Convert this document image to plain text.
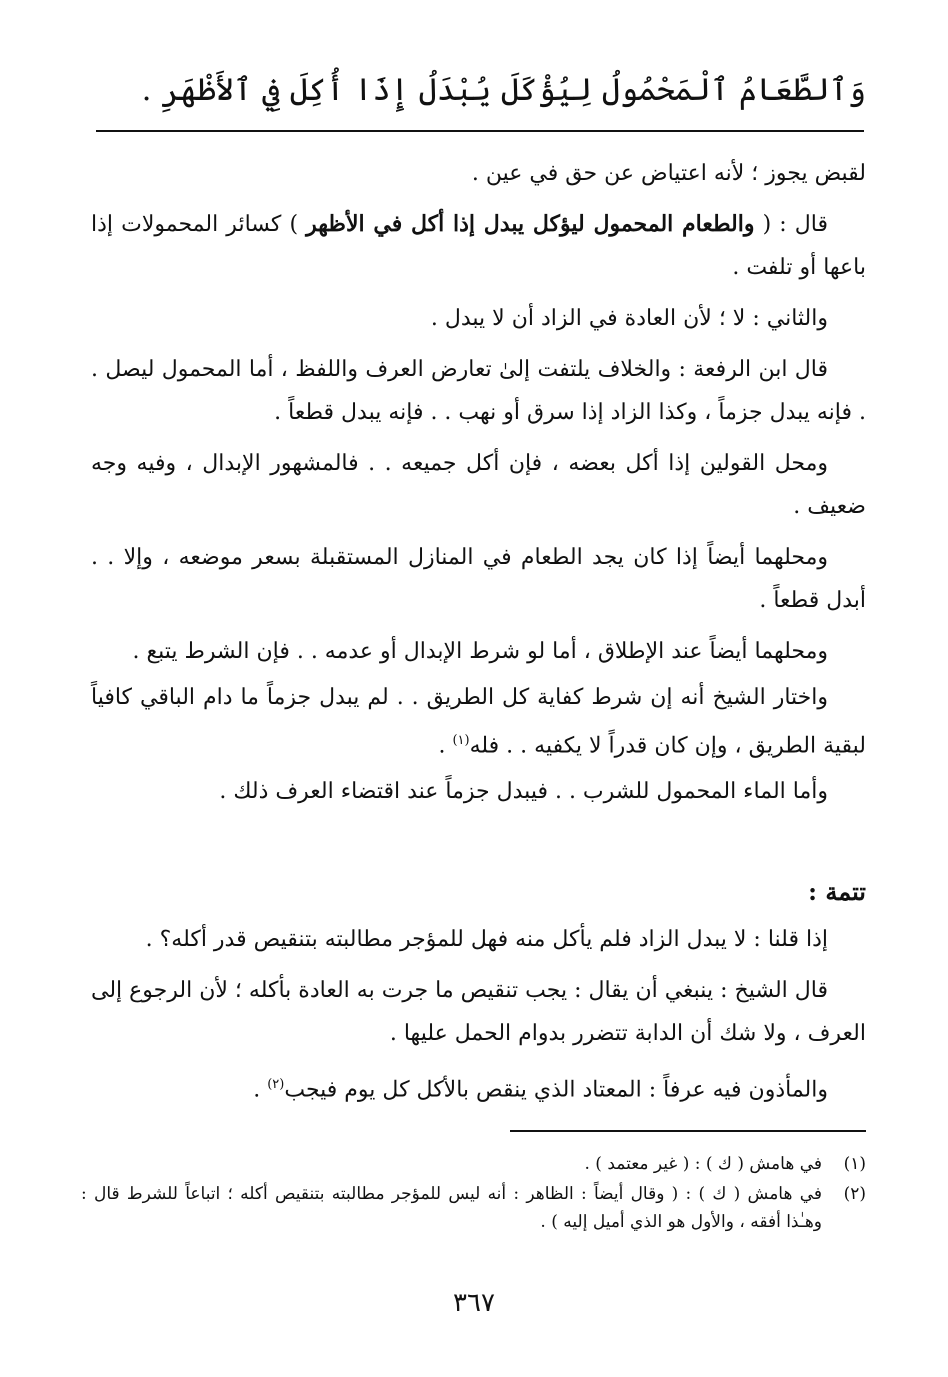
وَٱلطَّعَامُ ٱلْمَحْمُولُ لِيُؤْكَلَ يُبْدَلُ إِذَا أُكِلَ فِي ٱلأَظْهَرِ .

لقبض يجوز ؛ لأنه اعتياض عن حق في عين .

قال : ( والطعام المحمول ليؤكل يبدل إذا أكل في الأظهر ) كسائر المحمولات إذا باعها أو تلفت .

والثاني : لا ؛ لأن العادة في الزاد أن لا يبدل .

قال ابن الرفعة : والخلاف يلتفت إلىٰ تعارض العرف واللفظ ، أما المحمول ليصل . . فإنه يبدل جزماً ، وكذا الزاد إذا سرق أو نهب . . فإنه يبدل قطعاً .

ومحل القولين إذا أكل بعضه ، فإن أكل جميعه . . فالمشهور الإبدال ، وفيه وجه ضعيف .

ومحلهما أيضاً إذا كان يجد الطعام في المنازل المستقبلة بسعر موضعه ، وإلا . . أبدل قطعاً .

ومحلهما أيضاً عند الإطلاق ، أما لو شرط الإبدال أو عدمه . . فإن الشرط يتبع .

واختار الشيخ أنه إن شرط كفاية كل الطريق . . لم يبدل جزماً ما دام الباقي كافياً لبقية الطريق ، وإن كان قدراً لا يكفيه . . فله$^{(١)}$ .

وأما الماء المحمول للشرب . . فيبدل جزماً عند اقتضاء العرف ذلك .

تتمة :

إذا قلنا : لا يبدل الزاد فلم يأكل منه فهل للمؤجر مطالبته بتنقيص قدر أكله؟ .

قال الشيخ : ينبغي أن يقال : يجب تنقيص ما جرت به العادة بأكله ؛ لأن الرجوع إلى العرف ، ولا شك أن الدابة تتضرر بدوام الحمل عليها .

والمأذون فيه عرفاً : المعتاد الذي ينقص بالأكل كل يوم فيجب$^{(٢)}$ .

(١)
في هامش ( ك ) : ( غير معتمد ) .
(٢)
في هامش ( ك ) : ( وقال أيضاً : الظاهر : أنه ليس للمؤجر مطالبته بتنقيص أكله ؛ اتباعاً للشرط قال : وهـٰذا أفقه ، والأول هو الذي أميل إليه ) .
٣٦٧
